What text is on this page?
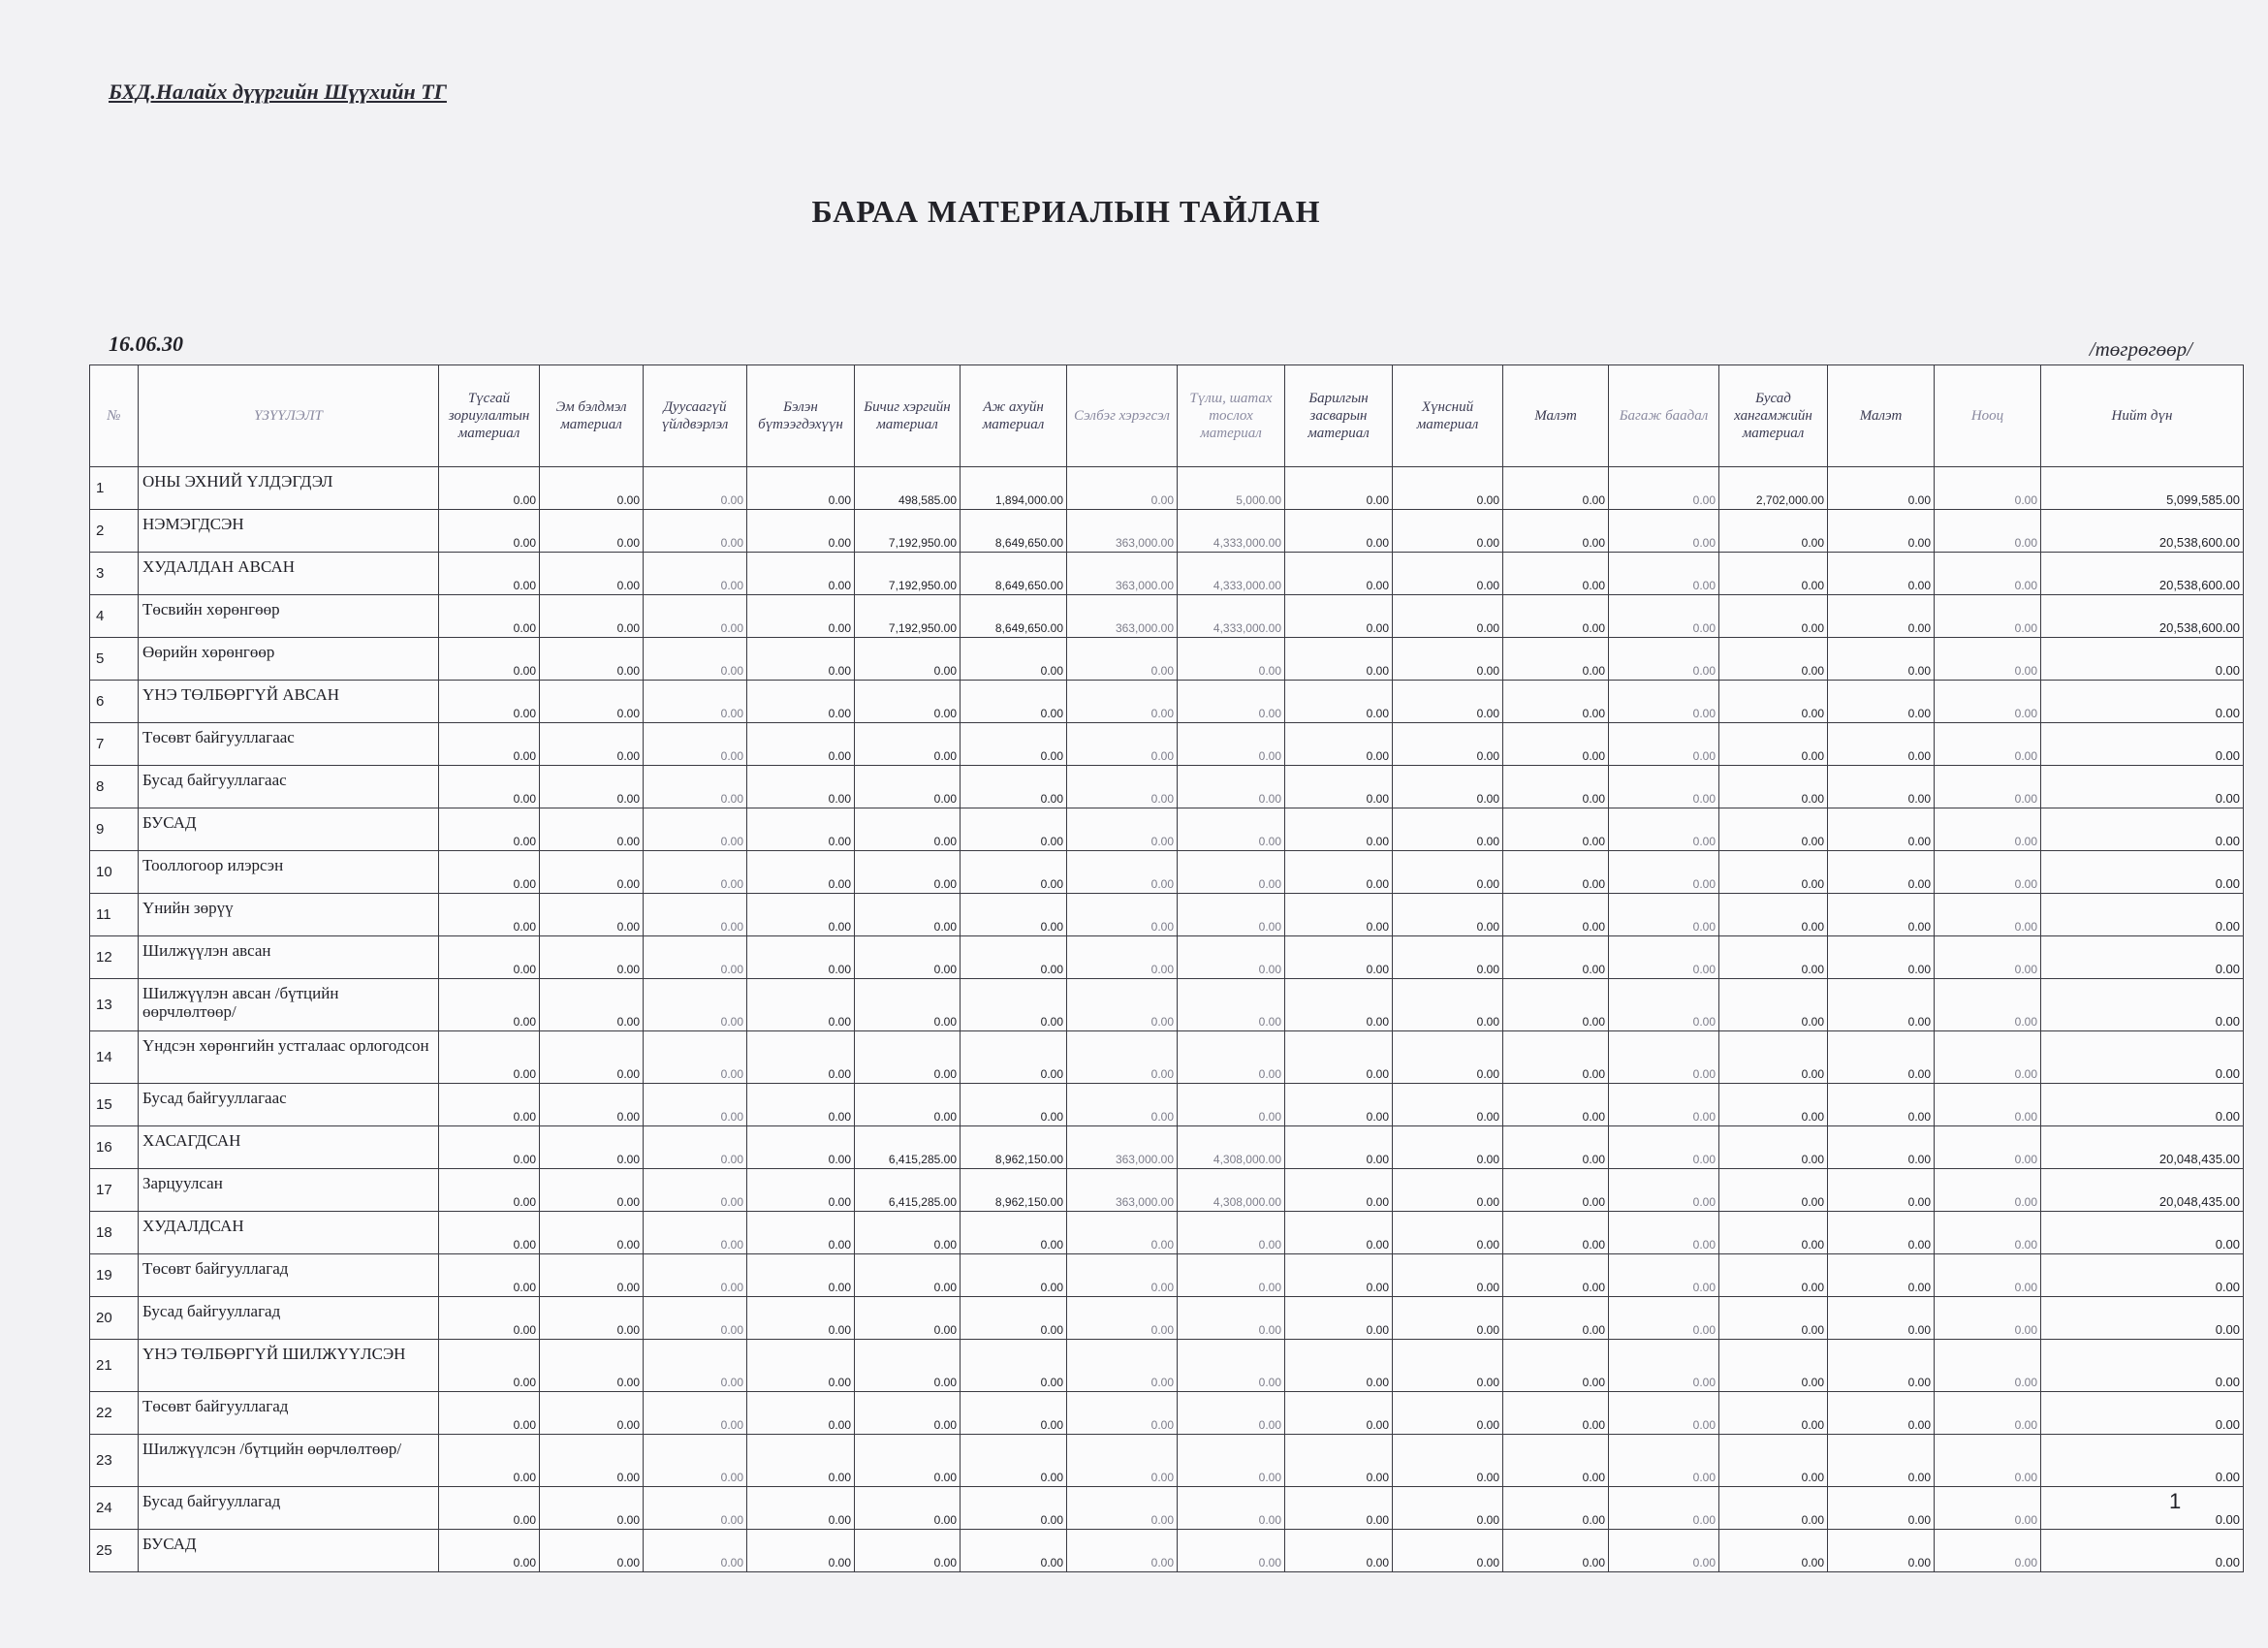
БХД.Налайх дүүргийн Шүүхийн ТГ
БАРАА МАТЕРИАЛЫН ТАЙЛАН
16.06.30	/төгрөгөөр/
№	ҮЗҮҮЛЭЛТ	Түсгай зориулалтын материал	Эм бэлдмэл материал	Дуусаагүй үйлдвэрлэл	Бэлэн бүтээгдэхүүн	Бичиг хэргийн материал	Аж ахуйн материал	Сэлбэг хэрэгсэл	Түлш, шатах тослох материал	Барилгын засварын материал	Хүнсний материал	Малэт	Багаж баадал	Бусад хангамжийн материал	Малэт	Нооц	Нийт дүн
1	ОНЫ ЭХНИЙ ҮЛДЭГДЭЛ	0.00	0.00	0.00	0.00	498,585.00	1,894,000.00	0.00	5,000.00	0.00	0.00	0.00	0.00	2,702,000.00	0.00	0.00	5,099,585.00
2	НЭМЭГДСЭН	0.00	0.00	0.00	0.00	7,192,950.00	8,649,650.00	363,000.00	4,333,000.00	0.00	0.00	0.00	0.00	0.00	0.00	0.00	20,538,600.00
3	ХУДАЛДАН АВСАН	0.00	0.00	0.00	0.00	7,192,950.00	8,649,650.00	363,000.00	4,333,000.00	0.00	0.00	0.00	0.00	0.00	0.00	0.00	20,538,600.00
4	Төсвийн хөрөнгөөр	0.00	0.00	0.00	0.00	7,192,950.00	8,649,650.00	363,000.00	4,333,000.00	0.00	0.00	0.00	0.00	0.00	0.00	0.00	20,538,600.00
5	Өөрийн хөрөнгөөр	0.00	0.00	0.00	0.00	0.00	0.00	0.00	0.00	0.00	0.00	0.00	0.00	0.00	0.00	0.00	0.00
6	ҮНЭ ТӨЛБӨРГҮЙ АВСАН	0.00	0.00	0.00	0.00	0.00	0.00	0.00	0.00	0.00	0.00	0.00	0.00	0.00	0.00	0.00	0.00
7	Төсөвт байгууллагаас	0.00	0.00	0.00	0.00	0.00	0.00	0.00	0.00	0.00	0.00	0.00	0.00	0.00	0.00	0.00	0.00
8	Бусад байгууллагаас	0.00	0.00	0.00	0.00	0.00	0.00	0.00	0.00	0.00	0.00	0.00	0.00	0.00	0.00	0.00	0.00
9	БУСАД	0.00	0.00	0.00	0.00	0.00	0.00	0.00	0.00	0.00	0.00	0.00	0.00	0.00	0.00	0.00	0.00
10	Тооллогоор илэрсэн	0.00	0.00	0.00	0.00	0.00	0.00	0.00	0.00	0.00	0.00	0.00	0.00	0.00	0.00	0.00	0.00
11	Үнийн зөрүү	0.00	0.00	0.00	0.00	0.00	0.00	0.00	0.00	0.00	0.00	0.00	0.00	0.00	0.00	0.00	0.00
12	Шилжүүлэн авсан	0.00	0.00	0.00	0.00	0.00	0.00	0.00	0.00	0.00	0.00	0.00	0.00	0.00	0.00	0.00	0.00
13	Шилжүүлэн авсан /бүтцийн өөрчлөлтөөр/	0.00	0.00	0.00	0.00	0.00	0.00	0.00	0.00	0.00	0.00	0.00	0.00	0.00	0.00	0.00	0.00
14	Үндсэн хөрөнгийн устгалаас орлогодсон	0.00	0.00	0.00	0.00	0.00	0.00	0.00	0.00	0.00	0.00	0.00	0.00	0.00	0.00	0.00	0.00
15	Бусад байгууллагаас	0.00	0.00	0.00	0.00	0.00	0.00	0.00	0.00	0.00	0.00	0.00	0.00	0.00	0.00	0.00	0.00
16	ХАСАГДСАН	0.00	0.00	0.00	0.00	6,415,285.00	8,962,150.00	363,000.00	4,308,000.00	0.00	0.00	0.00	0.00	0.00	0.00	0.00	20,048,435.00
17	Зарцуулсан	0.00	0.00	0.00	0.00	6,415,285.00	8,962,150.00	363,000.00	4,308,000.00	0.00	0.00	0.00	0.00	0.00	0.00	0.00	20,048,435.00
18	ХУДАЛДСАН	0.00	0.00	0.00	0.00	0.00	0.00	0.00	0.00	0.00	0.00	0.00	0.00	0.00	0.00	0.00	0.00
19	Төсөвт байгууллагад	0.00	0.00	0.00	0.00	0.00	0.00	0.00	0.00	0.00	0.00	0.00	0.00	0.00	0.00	0.00	0.00
20	Бусад байгууллагад	0.00	0.00	0.00	0.00	0.00	0.00	0.00	0.00	0.00	0.00	0.00	0.00	0.00	0.00	0.00	0.00
21	ҮНЭ ТӨЛБӨРГҮЙ ШИЛЖҮҮЛСЭН	0.00	0.00	0.00	0.00	0.00	0.00	0.00	0.00	0.00	0.00	0.00	0.00	0.00	0.00	0.00	0.00
22	Төсөвт байгууллагад	0.00	0.00	0.00	0.00	0.00	0.00	0.00	0.00	0.00	0.00	0.00	0.00	0.00	0.00	0.00	0.00
23	Шилжүүлсэн /бүтцийн өөрчлөлтөөр/	0.00	0.00	0.00	0.00	0.00	0.00	0.00	0.00	0.00	0.00	0.00	0.00	0.00	0.00	0.00	0.00
24	Бусад байгууллагад	0.00	0.00	0.00	0.00	0.00	0.00	0.00	0.00	0.00	0.00	0.00	0.00	0.00	0.00	0.00	0.00
25	БУСАД	0.00	0.00	0.00	0.00	0.00	0.00	0.00	0.00	0.00	0.00	0.00	0.00	0.00	0.00	0.00	0.00
1
